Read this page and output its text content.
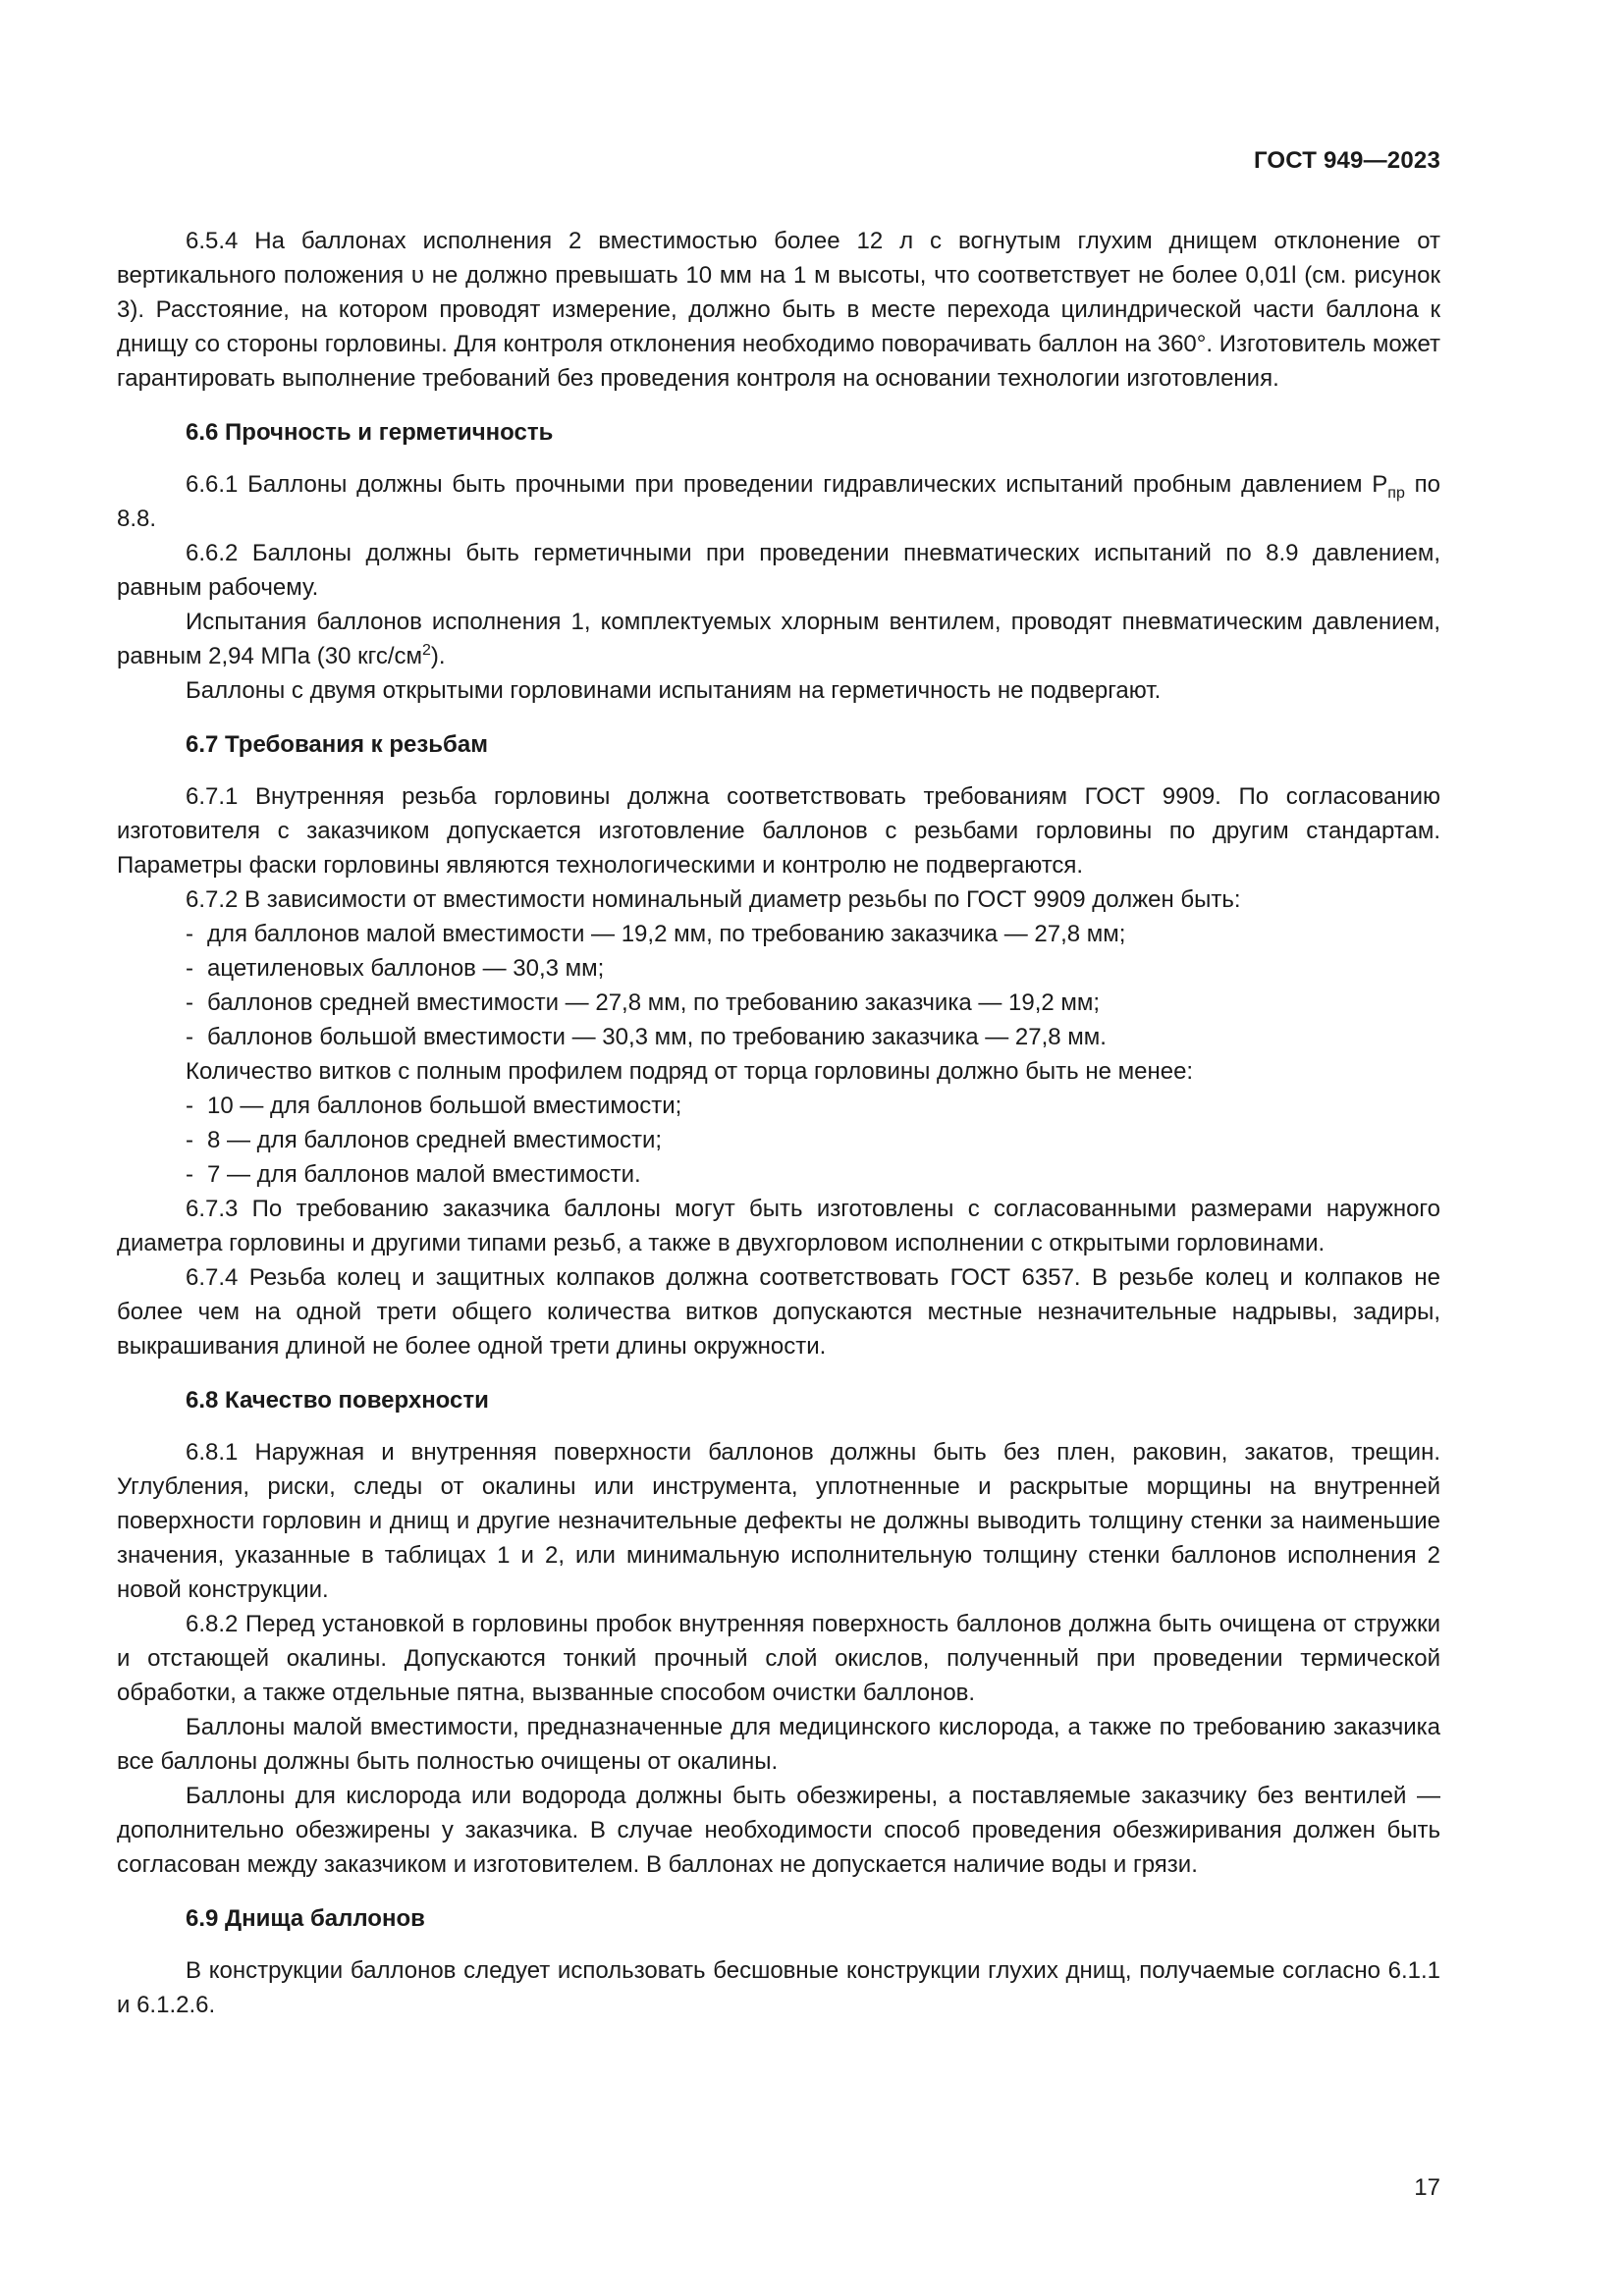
ГОСТ 949—2023

6.5.4 На баллонах исполнения 2 вместимостью более 12 л с вогнутым глухим днищем отклонение от вертикального положения υ не должно превышать 10 мм на 1 м высоты, что соответствует не более 0,01l (см. рисунок 3). Расстояние, на котором проводят измерение, должно быть в месте перехода цилиндрической части баллона к днищу со стороны горловины. Для контроля отклонения необходимо поворачивать баллон на 360°. Изготовитель может гарантировать выполнение требований без проведения контроля на основании технологии изготовления.

6.6 Прочность и герметичность

6.6.1 Баллоны должны быть прочными при проведении гидравлических испытаний пробным давлением $P_{пр}$ по 8.8.

6.6.2 Баллоны должны быть герметичными при проведении пневматических испытаний по 8.9 давлением, равным рабочему.

Испытания баллонов исполнения 1, комплектуемых хлорным вентилем, проводят пневматическим давлением, равным 2,94 МПа (30 кгс/$см^2$).

Баллоны с двумя открытыми горловинами испытаниям на герметичность не подвергают.

6.7 Требования к резьбам

6.7.1 Внутренняя резьба горловины должна соответствовать требованиям ГОСТ 9909. По согласованию изготовителя с заказчиком допускается изготовление баллонов с резьбами горловины по другим стандартам. Параметры фаски горловины являются технологическими и контролю не подвергаются.

6.7.2 В зависимости от вместимости номинальный диаметр резьбы по ГОСТ 9909 должен быть:

- для баллонов малой вместимости — 19,2 мм, по требованию заказчика — 27,8 мм;
- ацетиленовых баллонов — 30,3 мм;
- баллонов средней вместимости — 27,8 мм, по требованию заказчика — 19,2 мм;
- баллонов большой вместимости — 30,3 мм, по требованию заказчика — 27,8 мм.

Количество витков с полным профилем подряд от торца горловины должно быть не менее:

- 10 — для баллонов большой вместимости;
- 8 — для баллонов средней вместимости;
- 7 — для баллонов малой вместимости.

6.7.3 По требованию заказчика баллоны могут быть изготовлены с согласованными размерами наружного диаметра горловины и другими типами резьб, а также в двухгорловом исполнении с открытыми горловинами.

6.7.4 Резьба колец и защитных колпаков должна соответствовать ГОСТ 6357. В резьбе колец и колпаков не более чем на одной трети общего количества витков допускаются местные незначительные надрывы, задиры, выкрашивания длиной не более одной трети длины окружности.

6.8 Качество поверхности

6.8.1 Наружная и внутренняя поверхности баллонов должны быть без плен, раковин, закатов, трещин. Углубления, риски, следы от окалины или инструмента, уплотненные и раскрытые морщины на внутренней поверхности горловин и днищ и другие незначительные дефекты не должны выводить толщину стенки за наименьшие значения, указанные в таблицах 1 и 2, или минимальную исполнительную толщину стенки баллонов исполнения 2 новой конструкции.

6.8.2 Перед установкой в горловины пробок внутренняя поверхность баллонов должна быть очищена от стружки и отстающей окалины. Допускаются тонкий прочный слой окислов, полученный при проведении термической обработки, а также отдельные пятна, вызванные способом очистки баллонов.

Баллоны малой вместимости, предназначенные для медицинского кислорода, а также по требованию заказчика все баллоны должны быть полностью очищены от окалины.

Баллоны для кислорода или водорода должны быть обезжирены, а поставляемые заказчику без вентилей — дополнительно обезжирены у заказчика. В случае необходимости способ проведения обезжиривания должен быть согласован между заказчиком и изготовителем. В баллонах не допускается наличие воды и грязи.

6.9 Днища баллонов

В конструкции баллонов следует использовать бесшовные конструкции глухих днищ, получаемые согласно 6.1.1 и 6.1.2.6.

17
